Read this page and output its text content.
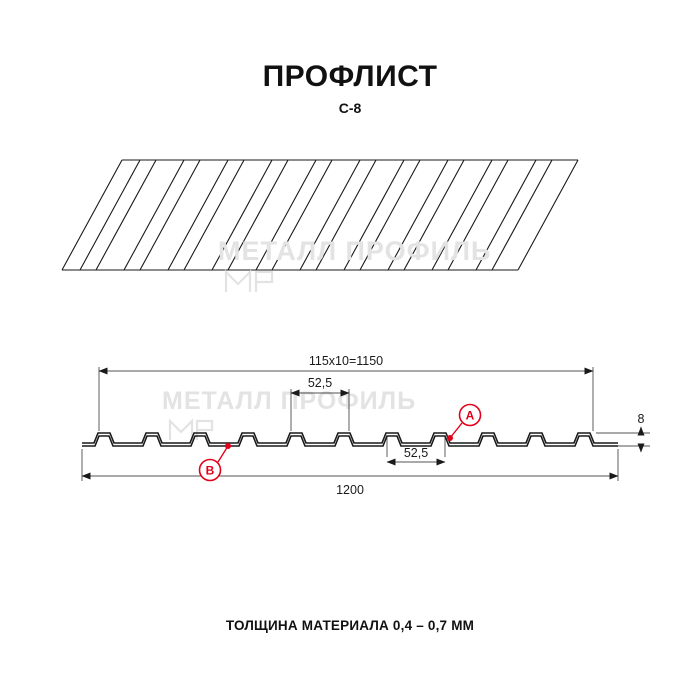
ПРОФЛИСТ
С-8
МЕТАЛЛ ПРОФИЛЬ
МЕТАЛЛ ПРОФИЛЬ
115х10=1150
52,5
52,5
1200
8
A
B
ТОЛЩИНА МАТЕРИАЛА 0,4 – 0,7 ММ
